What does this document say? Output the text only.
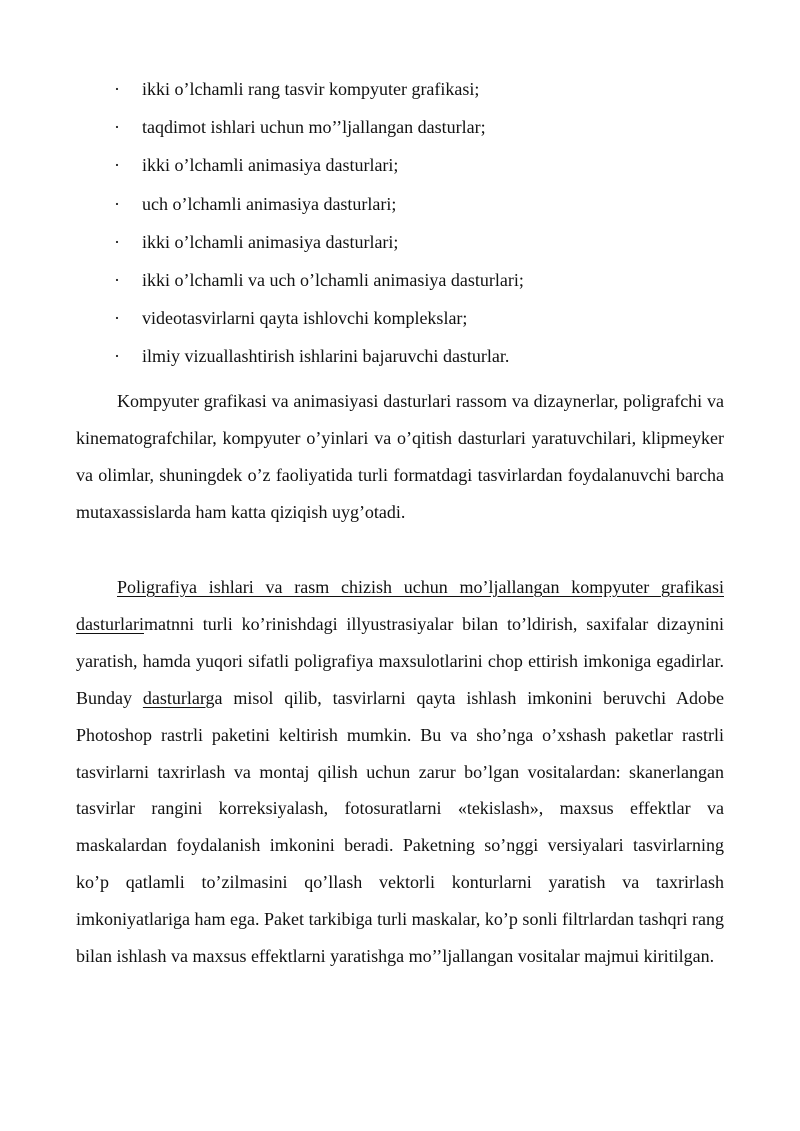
· ikki o’lchamli rang tasvir kompyuter grafikasi;
· taqdimot ishlari uchun mo’’ljallangan dasturlar;
· ikki o’lchamli animasiya dasturlari;
· uch o’lchamli animasiya dasturlari;
· ikki o’lchamli animasiya dasturlari;
· ikki o’lchamli va uch o’lchamli animasiya dasturlari;
· videotasvirlarni qayta ishlovchi komplekslar;
· ilmiy vizuallashtirish ishlarini bajaruvchi dasturlar.

Kompyuter grafikasi va animasiyasi dasturlari rassom va dizaynerlar, poligrafchi va kinematografchilar, kompyuter o’yinlari va o’qitish dasturlari yaratuvchilari, klipmeyker va olimlar, shuningdek o’z faoliyatida turli formatdagi tasvirlardan foydalanuvchi barcha mutaxassislarda ham katta qiziqish uyg’otadi.

Poligrafiya ishlari va rasm chizish uchun mo’ljallangan kompyuter grafikasi dasturlarimatnni turli ko’rinishdagi illyustrasiyalar bilan to’ldirish, saxifalar dizaynini yaratish, hamda yuqori sifatli poligrafiya maxsulotlarini chop ettirish imkoniga egadirlar. Bunday dasturlarga misol qilib, tasvirlarni qayta ishlash imkonini beruvchi Adobe Photoshop rastrli paketini keltirish mumkin. Bu va sho’nga o’xshash paketlar rastrli tasvirlarni taxrirlash va montaj qilish uchun zarur bo’lgan vositalardan: skanerlangan tasvirlar rangini korreksiyalash, fotosuratlarni «tekislash», maxsus effektlar va maskalardan foydalanish imkonini beradi. Paketning so’nggi versiyalari tasvirlarning ko’p qatlamli to’zilmasini qo’llash vektorli konturlarni yaratish va taxrirlash imkoniyatlariga ham ega. Paket tarkibiga turli maskalar, ko’p sonli filtrlardan tashqri rang bilan ishlash va maxsus effektlarni yaratishga mo’’ljallangan vositalar majmui kiritilgan.
